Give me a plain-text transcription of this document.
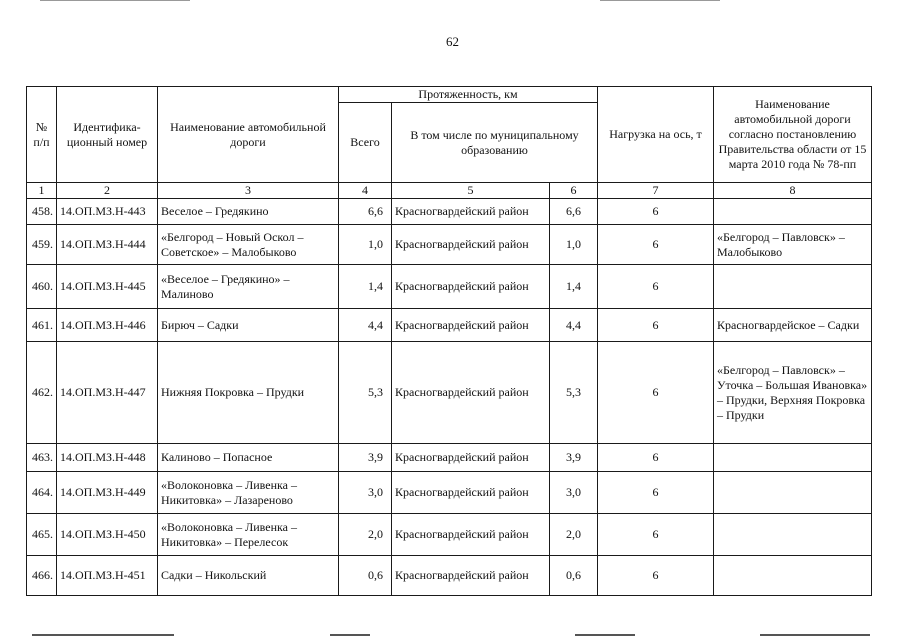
62
№ п/п	Идентифика-ционный номер	Наименование автомобильной дороги	Протяженность, км			Нагрузка на ось, т	Наименование автомобильной дороги согласно постановлению Правительства области от 15 марта 2010 года № 78-пп
			Всего	В том числе по муниципальному образованию			
1	2	3	4	5	6	7	8
458.	14.ОП.МЗ.Н-443	Веселое – Гредякино	6,6	Красногвардейский район	6,6	6	
459.	14.ОП.МЗ.Н-444	«Белгород – Новый Оскол – Советское» – Малобыково	1,0	Красногвардейский район	1,0	6	«Белгород – Павловск» – Малобыково
460.	14.ОП.МЗ.Н-445	«Веселое – Гредякино» – Малиново	1,4	Красногвардейский район	1,4	6	
461.	14.ОП.МЗ.Н-446	Бирюч – Садки	4,4	Красногвардейский район	4,4	6	Красногвардейское – Садки
462.	14.ОП.МЗ.Н-447	Нижняя Покровка – Прудки	5,3	Красногвардейский район	5,3	6	«Белгород – Павловск» – Уточка – Большая Ивановка» – Прудки, Верхняя Покровка – Прудки
463.	14.ОП.МЗ.Н-448	Калиново – Попасное	3,9	Красногвардейский район	3,9	6	
464.	14.ОП.МЗ.Н-449	«Волоконовка – Ливенка – Никитовка» – Лазареново	3,0	Красногвардейский район	3,0	6	
465.	14.ОП.МЗ.Н-450	«Волоконовка – Ливенка – Никитовка» – Перелесок	2,0	Красногвардейский район	2,0	6	
466.	14.ОП.МЗ.Н-451	Садки – Никольский	0,6	Красногвардейский район	0,6	6	
